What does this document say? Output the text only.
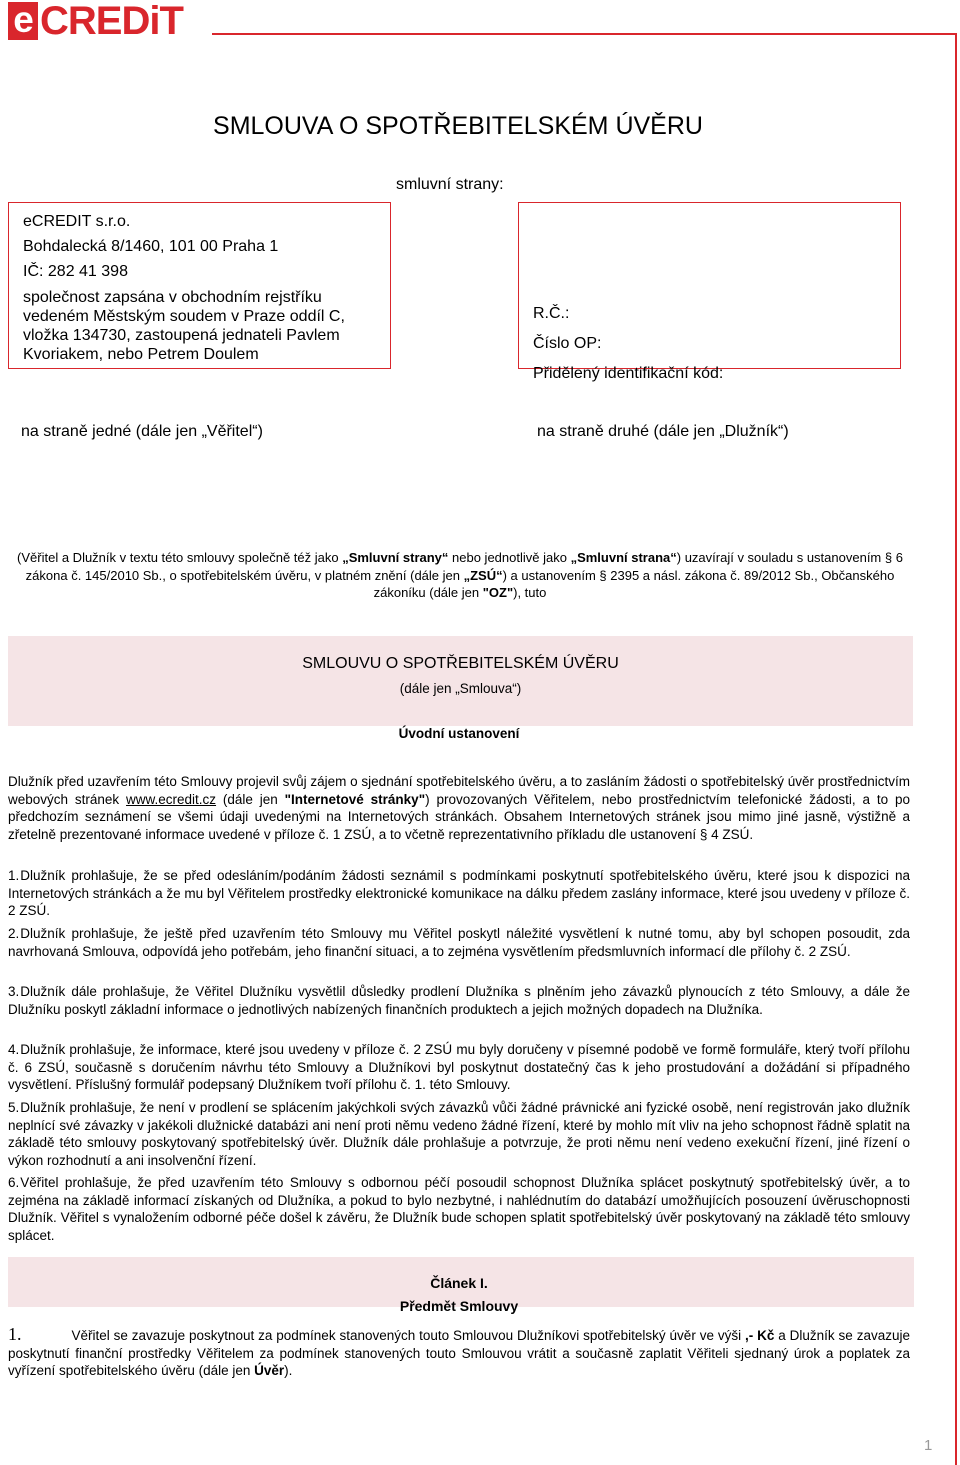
e CREDiT
SMLOUVA O SPOTŘEBITELSKÉM ÚVĚRU
smluvní strany:
eCREDIT s.r.o.
Bohdalecká 8/1460, 101 00 Praha 1
IČ: 282 41 398
společnost zapsána v obchodním rejstříku vedeném Městským soudem v Praze oddíl C, vložka 134730, zastoupená jednateli Pavlem Kvoriakem, nebo Petrem Doulem
R.Č.:
Číslo OP:
Přidělený identifikační kód:
na straně jedné (dále jen „Věřitel“)	na straně druhé (dále jen „Dlužník“)
(Věřitel a Dlužník v textu této smlouvy společně též jako „Smluvní strany“ nebo jednotlivě jako „Smluvní strana“) uzavírají v souladu s ustanovením § 6 zákona č. 145/2010 Sb., o spotřebitelském úvěru, v platném znění (dále jen „ZSÚ“) a ustanovením § 2395 a násl. zákona č. 89/2012 Sb., Občanského zákoníku (dále jen "OZ"), tuto
SMLOUVU O SPOTŘEBITELSKÉM ÚVĚRU
(dále jen „Smlouva“)
Úvodní ustanovení
Dlužník před uzavřením této Smlouvy projevil svůj zájem o sjednání spotřebitelského úvěru, a to zasláním žádosti o spotřebitelský úvěr prostřednictvím webových stránek www.ecredit.cz (dále jen "Internetové stránky") provozovaných Věřitelem, nebo prostřednictvím telefonické žádosti, a to po předchozím seznámení se všemi údaji uvedenými na Internetových stránkách. Obsahem Internetových stránek jsou mimo jiné jasně, výstižně a zřetelně prezentované informace uvedené v příloze č. 1 ZSÚ, a to včetně reprezentativního příkladu dle ustanovení § 4 ZSÚ.
1.Dlužník prohlašuje, že se před odesláním/podáním žádosti seznámil s podmínkami poskytnutí spotřebitelského úvěru, které jsou k dispozici na Internetových stránkách a že mu byl Věřitelem prostředky elektronické komunikace na dálku předem zaslány informace, které jsou uvedeny v příloze č. 2 ZSÚ.
2.Dlužník prohlašuje, že ještě před uzavřením této Smlouvy mu Věřitel poskytl náležité vysvětlení k nutné tomu, aby byl schopen posoudit, zda navrhovaná Smlouva, odpovídá jeho potřebám, jeho finanční situaci, a to zejména vysvětlením předsmluvních informací dle přílohy č. 2 ZSÚ.
3.Dlužník dále prohlašuje, že Věřitel Dlužníku vysvětlil důsledky prodlení Dlužníka s plněním jeho závazků plynoucích z této Smlouvy, a dále že Dlužníku poskytl základní informace o jednotlivých nabízených finančních produktech a jejich možných dopadech na Dlužníka.
4.Dlužník prohlašuje, že informace, které jsou uvedeny v příloze č. 2 ZSÚ mu byly doručeny v písemné podobě ve formě formuláře, který tvoří přílohu č. 6 ZSÚ, současně s doručením návrhu této Smlouvy a Dlužníkovi byl poskytnut dostatečný čas k jeho prostudování a dožádání si případného vysvětlení. Příslušný formulář podepsaný Dlužníkem tvoří přílohu č. 1. této Smlouvy.
5.Dlužník prohlašuje, že není v prodlení se splácením jakýchkoli svých závazků vůči žádné právnické ani fyzické osobě, není registrován jako dlužník neplnící své závazky v jakékoli dlužnické databázi ani není proti němu vedeno žádné řízení, které by mohlo mít vliv na jeho schopnost řádně splatit na základě této smlouvy poskytovaný spotřebitelský úvěr. Dlužník dále prohlašuje a potvrzuje, že proti němu není vedeno exekuční řízení, jiné řízení o výkon rozhodnutí a ani insolvenční řízení.
6.Věřitel prohlašuje, že před uzavřením této Smlouvy s odbornou péčí posoudil schopnost Dlužníka splácet poskytnutý spotřebitelský úvěr, a to zejména na základě informací získaných od Dlužníka, a pokud to bylo nezbytné, i nahlédnutím do databází umožňujících posouzení úvěruschopnosti Dlužník. Věřitel s vynaložením odborné péče došel k závěru, že Dlužník bude schopen splatit spotřebitelský úvěr poskytovaný na základě této smlouvy splácet.
Článek I.
Předmět Smlouvy
1.	Věřitel se zavazuje poskytnout za podmínek stanovených touto Smlouvou Dlužníkovi spotřebitelský úvěr ve výši ,- Kč a Dlužník se zavazuje poskytnutí finanční prostředky Věřitelem za podmínek stanovených touto Smlouvou vrátit a současně zaplatit Věřiteli sjednaný úrok a poplatek za vyřízení spotřebitelského úvěru (dále jen Úvěr).
1
